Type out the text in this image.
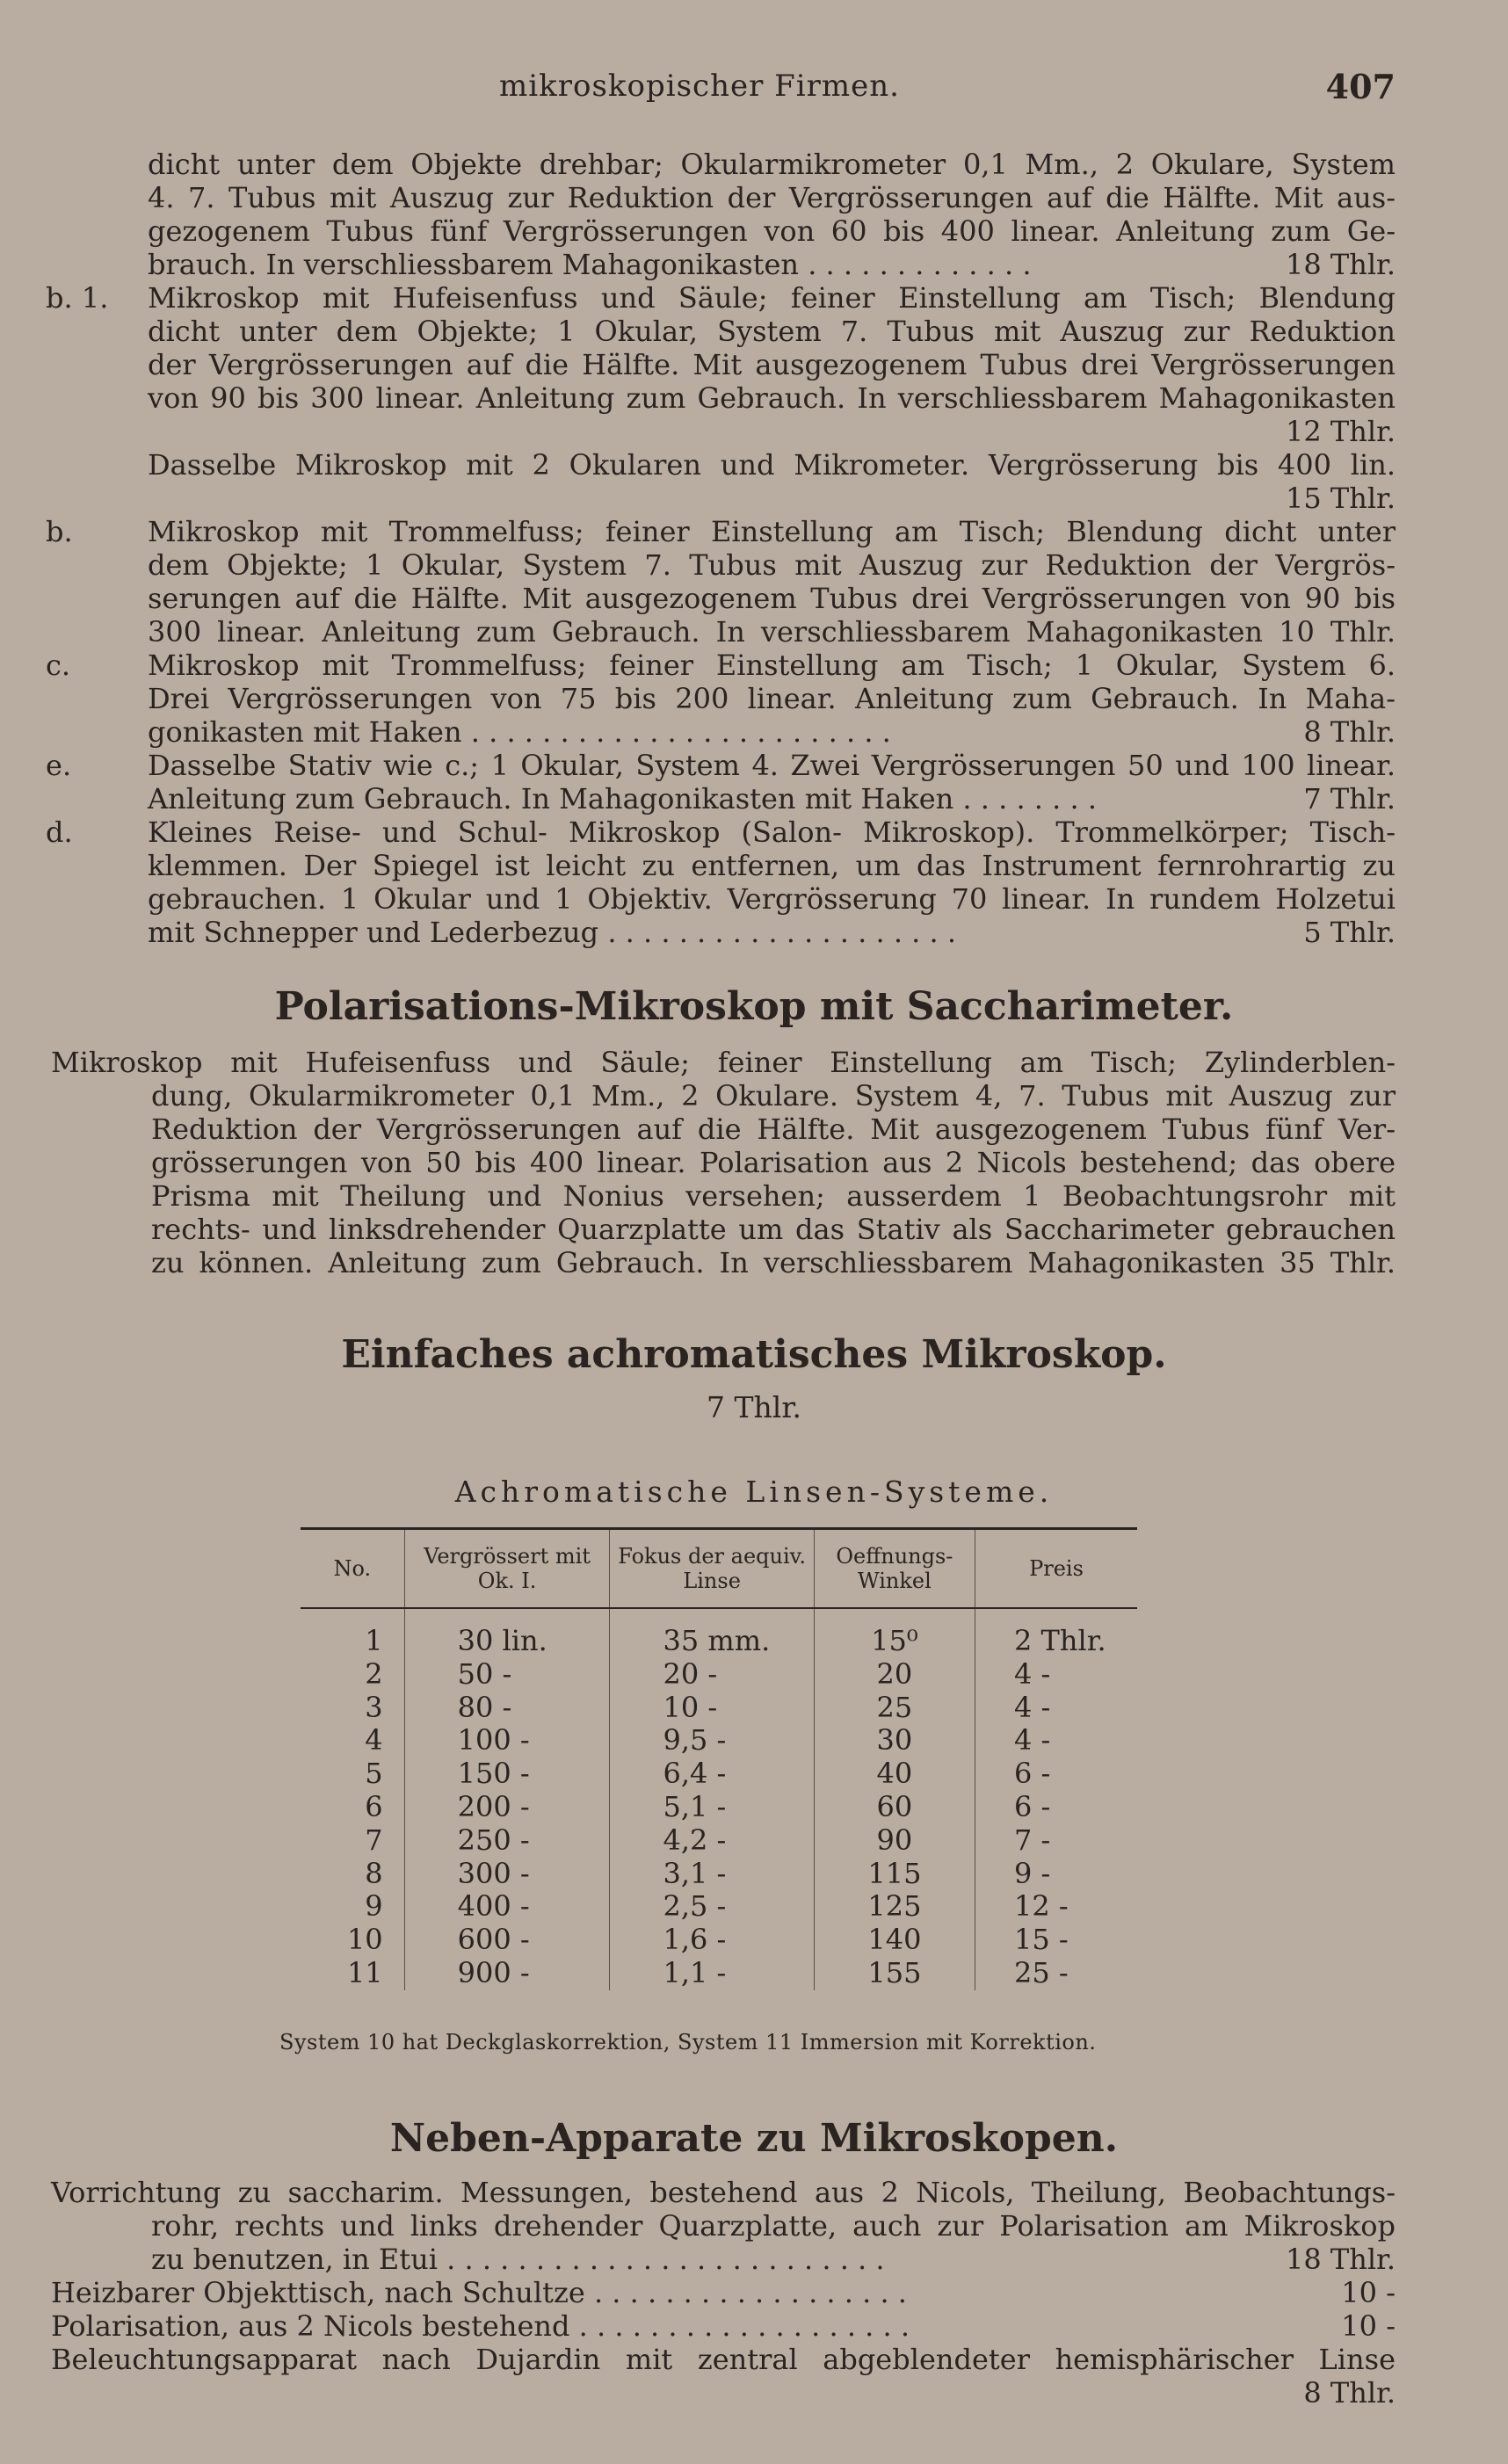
mikroskopischer Firmen.	407
dicht unter dem Objekte drehbar; Okularmikrometer 0,1 Mm., 2 Okulare, System
4. 7. Tubus mit Auszug zur Reduktion der Vergrösserungen auf die Hälfte. Mit aus-
gezogenem Tubus fünf Vergrösserungen von 60 bis 400 linear. Anleitung zum Ge-
brauch. In verschliessbarem Mahagonikasten . . . . . . . . . . . . .	18 Thlr.
b. 1. Mikroskop mit Hufeisenfuss und Säule; feiner Einstellung am Tisch; Blendung
dicht unter dem Objekte; 1 Okular, System 7. Tubus mit Auszug zur Reduktion
der Vergrösserungen auf die Hälfte. Mit ausgezogenem Tubus drei Vergrösserungen
von 90 bis 300 linear. Anleitung zum Gebrauch. In verschliessbarem Mahagonikasten
12 Thlr.
Dasselbe Mikroskop mit 2 Okularen und Mikrometer. Vergrösserung bis 400 lin.
15 Thlr.
b.	Mikroskop mit Trommelfuss; feiner Einstellung am Tisch; Blendung dicht unter
dem Objekte; 1 Okular, System 7. Tubus mit Auszug zur Reduktion der Vergrös-
serungen auf die Hälfte. Mit ausgezogenem Tubus drei Vergrösserungen von 90 bis
300 linear. Anleitung zum Gebrauch. In verschliessbarem Mahagonikasten 10 Thlr.
c.	Mikroskop mit Trommelfuss; feiner Einstellung am Tisch; 1 Okular, System 6.
Drei Vergrösserungen von 75 bis 200 linear. Anleitung zum Gebrauch. In Maha-
gonikasten mit Haken . . . . . . . . . . . . . . . . . . . . . . . .	8 Thlr.
e.	Dasselbe Stativ wie c.; 1 Okular, System 4. Zwei Vergrösserungen 50 und 100 linear.
Anleitung zum Gebrauch. In Mahagonikasten mit Haken . . . . . . . .	7 Thlr.
d.	Kleines Reise- und Schul- Mikroskop (Salon- Mikroskop). Trommelkörper; Tisch-
klemmen. Der Spiegel ist leicht zu entfernen, um das Instrument fernrohrartig zu
gebrauchen. 1 Okular und 1 Objektiv. Vergrösserung 70 linear. In rundem Holzetui
mit Schnepper und Lederbezug . . . . . . . . . . . . . . . . . . . .	5 Thlr.
Polarisations-Mikroskop mit Saccharimeter.
Mikroskop mit Hufeisenfuss und Säule; feiner Einstellung am Tisch; Zylinderblen-
dung, Okularmikrometer 0,1 Mm., 2 Okulare. System 4, 7. Tubus mit Auszug zur
Reduktion der Vergrösserungen auf die Hälfte. Mit ausgezogenem Tubus fünf Ver-
grösserungen von 50 bis 400 linear. Polarisation aus 2 Nicols bestehend; das obere
Prisma mit Theilung und Nonius versehen; ausserdem 1 Beobachtungsrohr mit
rechts- und linksdrehender Quarzplatte um das Stativ als Saccharimeter gebrauchen
zu können. Anleitung zum Gebrauch. In verschliessbarem Mahagonikasten 35 Thlr.
Einfaches achromatisches Mikroskop.
7 Thlr.
Achromatische Linsen-Systeme.
No.	Vergrössert mit Ok. I.	Fokus der aequiv. Linse	Oeffnungs-Winkel	Preis
1	30 lin.	35 mm.	15⁰	2 Thlr.
2	50 -	20 -	20	4 -
3	80 -	10 -	25	4 -
4	100 -	9,5 -	30	4 -
5	150 -	6,4 -	40	6 -
6	200 -	5,1 -	60	6 -
7	250 -	4,2 -	90	7 -
8	300 -	3,1 -	115	9 -
9	400 -	2,5 -	125	12 -
10	600 -	1,6 -	140	15 -
11	900 -	1,1 -	155	25 -
System 10 hat Deckglaskorrektion, System 11 Immersion mit Korrektion.
Neben-Apparate zu Mikroskopen.
Vorrichtung zu saccharim. Messungen, bestehend aus 2 Nicols, Theilung, Beobachtungs-
rohr, rechts und links drehender Quarzplatte, auch zur Polarisation am Mikroskop
zu benutzen, in Etui . . . . . . . . . . . . . . . . . . . . . . . . .	18 Thlr.
Heizbarer Objekttisch, nach Schultze . . . . . . . . . . . . . . . . . .	10 -
Polarisation, aus 2 Nicols bestehend . . . . . . . . . . . . . . . . . . .	10 -
Beleuchtungsapparat nach Dujardin mit zentral abgeblendeter hemisphärischer Linse
8 Thlr.
